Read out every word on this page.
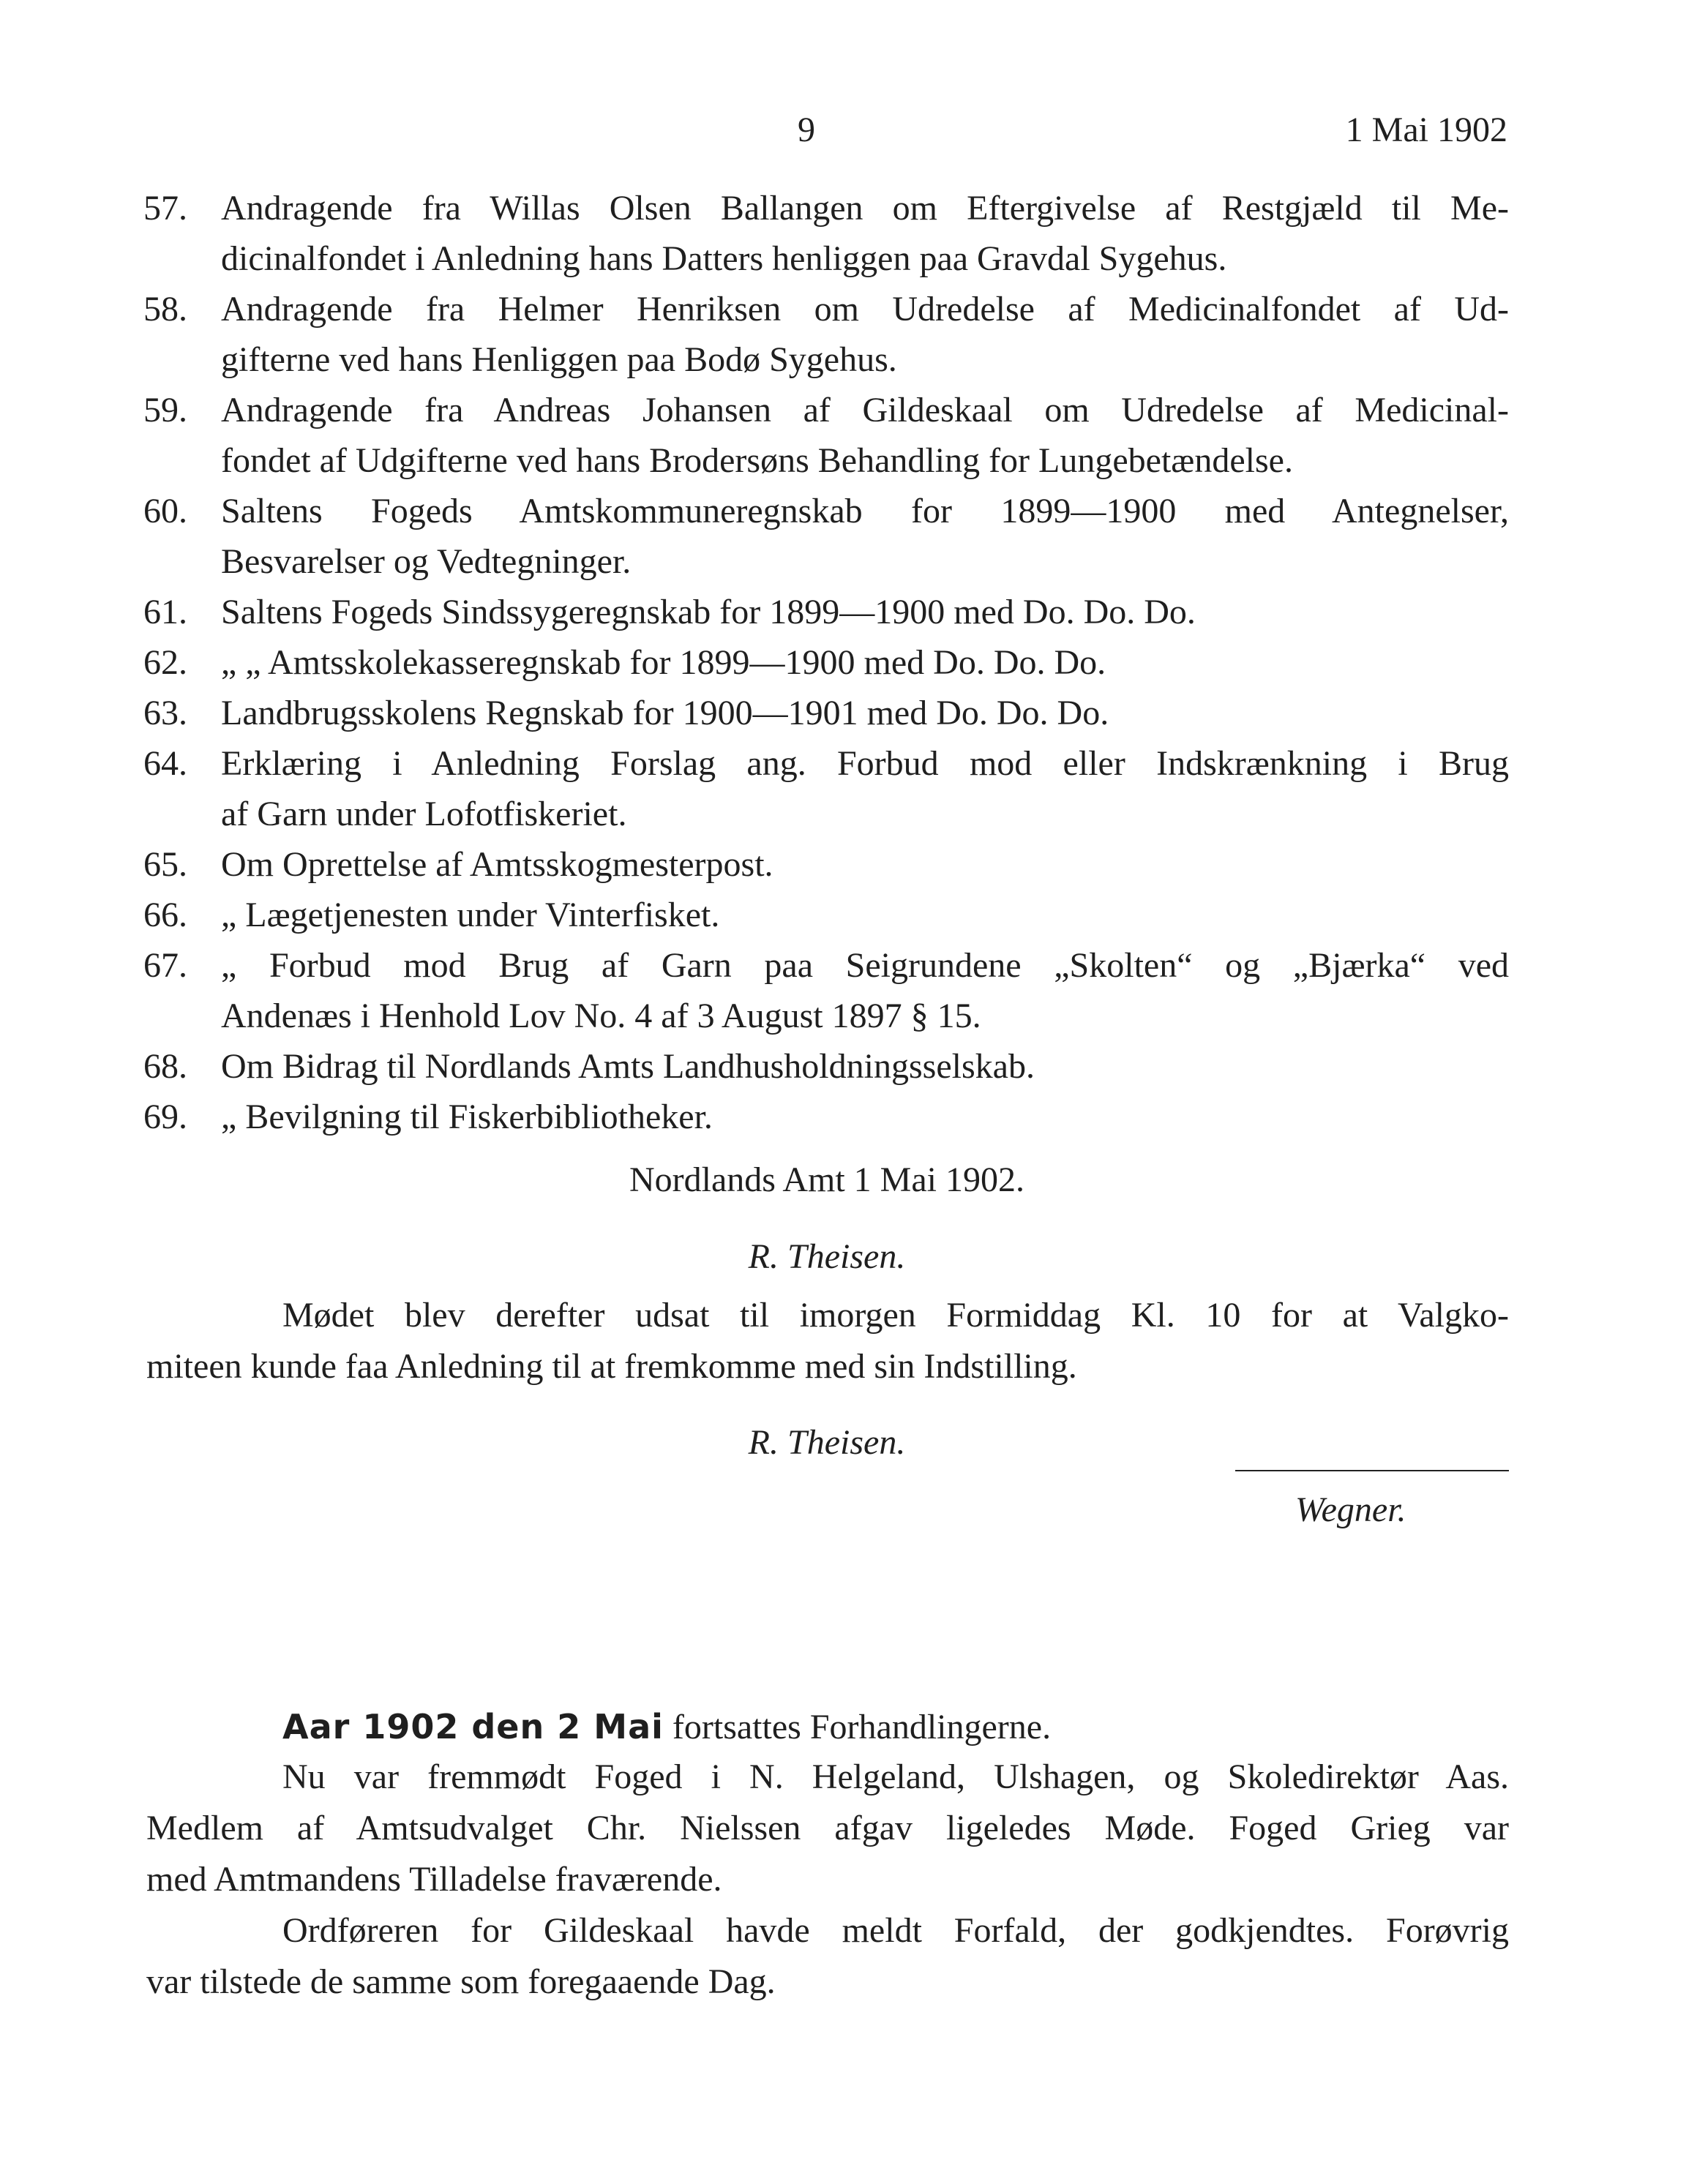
9	1 Mai 1902
57. Andragende fra Willas Olsen Ballangen om Eftergivelse af Restgjæld til Me-
dicinalfondet i Anledning hans Datters henliggen paa Gravdal Sygehus.
58. Andragende fra Helmer Henriksen om Udredelse af Medicinalfondet af Ud-
gifterne ved hans Henliggen paa Bodø Sygehus.
59. Andragende fra Andreas Johansen af Gildeskaal om Udredelse af Medicinal-
fondet af Udgifterne ved hans Brodersøns Behandling for Lungebetændelse.
60. Saltens Fogeds Amtskommuneregnskab for 1899—1900 med Antegnelser,
Besvarelser og Vedtegninger.
61. Saltens Fogeds Sindssygeregnskab for 1899—1900 med Do. Do. Do.
62. „ „ Amtsskolekasseregnskab for 1899—1900 med Do. Do. Do.
63. Landbrugsskolens Regnskab for 1900—1901 med Do. Do. Do.
64. Erklæring i Anledning Forslag ang. Forbud mod eller Indskrænkning i Brug
af Garn under Lofotfiskeriet.
65. Om Oprettelse af Amtsskogmesterpost.
66. „ Lægetjenesten under Vinterfisket.
67. „ Forbud mod Brug af Garn paa Seigrundene „Skolten“ og „Bjærka“ ved
Andenæs i Henhold Lov No. 4 af 3 August 1897 § 15.
68. Om Bidrag til Nordlands Amts Landhusholdningsselskab.
69. „ Bevilgning til Fiskerbibliotheker.
Nordlands Amt 1 Mai 1902.
R. Theisen.
Mødet blev derefter udsat til imorgen Formiddag Kl. 10 for at Valgko-
miteen kunde faa Anledning til at fremkomme med sin Indstilling.
R. Theisen.
Wegner.
Aar 1902 den 2 Mai fortsattes Forhandlingerne.
Nu var fremmødt Foged i N. Helgeland, Ulshagen, og Skoledirektør Aas.
Medlem af Amtsudvalget Chr. Nielssen afgav ligeledes Møde. Foged Grieg var
med Amtmandens Tilladelse fraværende.
Ordføreren for Gildeskaal havde meldt Forfald, der godkjendtes. Forøvrig
var tilstede de samme som foregaaende Dag.
